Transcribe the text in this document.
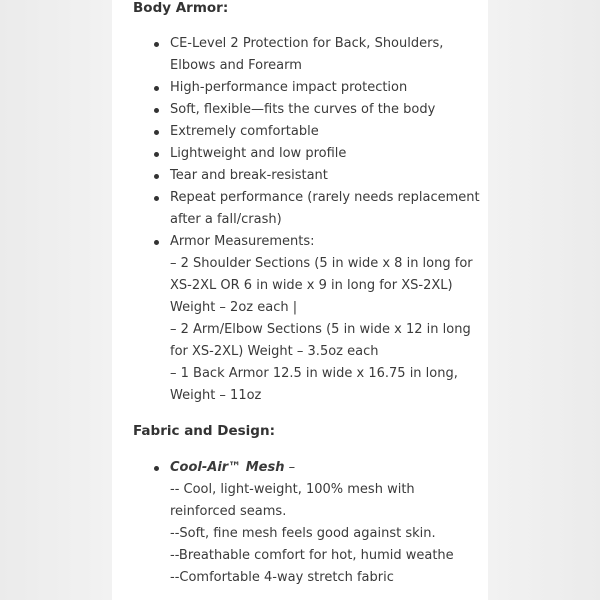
Body Armor:
CE-Level 2 Protection for Back, Shoulders,
Elbows and Forearm
High-performance impact protection
Soft, flexible—fits the curves of the body
Extremely comfortable
Lightweight and low profile
Tear and break-resistant
Repeat performance (rarely needs replacement
after a fall/crash)
Armor Measurements:
– 2 Shoulder Sections (5 in wide x 8 in long for
XS-2XL OR 6 in wide x 9 in long for XS-2XL)
Weight – 2oz each |
– 2 Arm/Elbow Sections (5 in wide x 12 in long
for XS-2XL) Weight – 3.5oz each
– 1 Back Armor 12.5 in wide x 16.75 in long,
Weight – 11oz
Fabric and Design:
Cool-Air™ Mesh –
-- Cool, light-weight, 100% mesh with
reinforced seams.
--Soft, fine mesh feels good against skin.
--Breathable comfort for hot, humid weathe
--Comfortable 4-way stretch fabric
